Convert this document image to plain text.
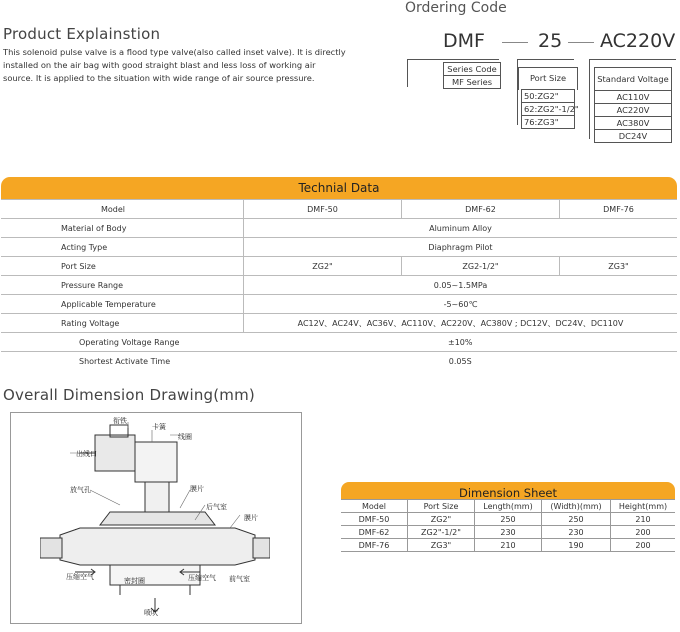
Product Explainstion
This solenoid pulse valve is a flood type valve(also called inset valve). It is directly installed on the air bag with good straight blast and less loss of working air source. It is applied to the situation with wide range of air source pressure.
Ordering Code
DMF	25 AC220V
Series Code
MF Series	Port Size
50:ZG2"
62:ZG2"-1/2"
76:ZG3"
Standard Voltage
AC110V
AC220V
AC380V
DC24V
Technial Data
Model	DMF-50	DMF-62	DMF-76
Material of Body	Aluminum Alloy		
Acting Type	Diaphragm Pilot		
Port Size	ZG2"	ZG2-1/2"	ZG3"
Pressure Range	0.05~1.5MPa		
Applicable Temperature	-5~60℃		
Rating Voltage	AC12V、AC24V、AC36V、AC110V、AC220V、AC380V ; DC12V、DC24V、DC110V		
Operating Voltage Range	±10%		
Shortest Activate Time	0.05S		
Overall Dimension Drawing(mm)
衔铁
卡簧
线圈
出线口
放气孔	膜片
后气室
膜片
压缩空气	密封圈	压缩空气 前气室
喷吹
Dimension Sheet
Model	Port Size	Length(mm)	(Width)(mm)	Height(mm)
DMF-50	ZG2"	250	250	210
DMF-62	ZG2"-1/2"	230	230	200
DMF-76	ZG3"	210	190	200
